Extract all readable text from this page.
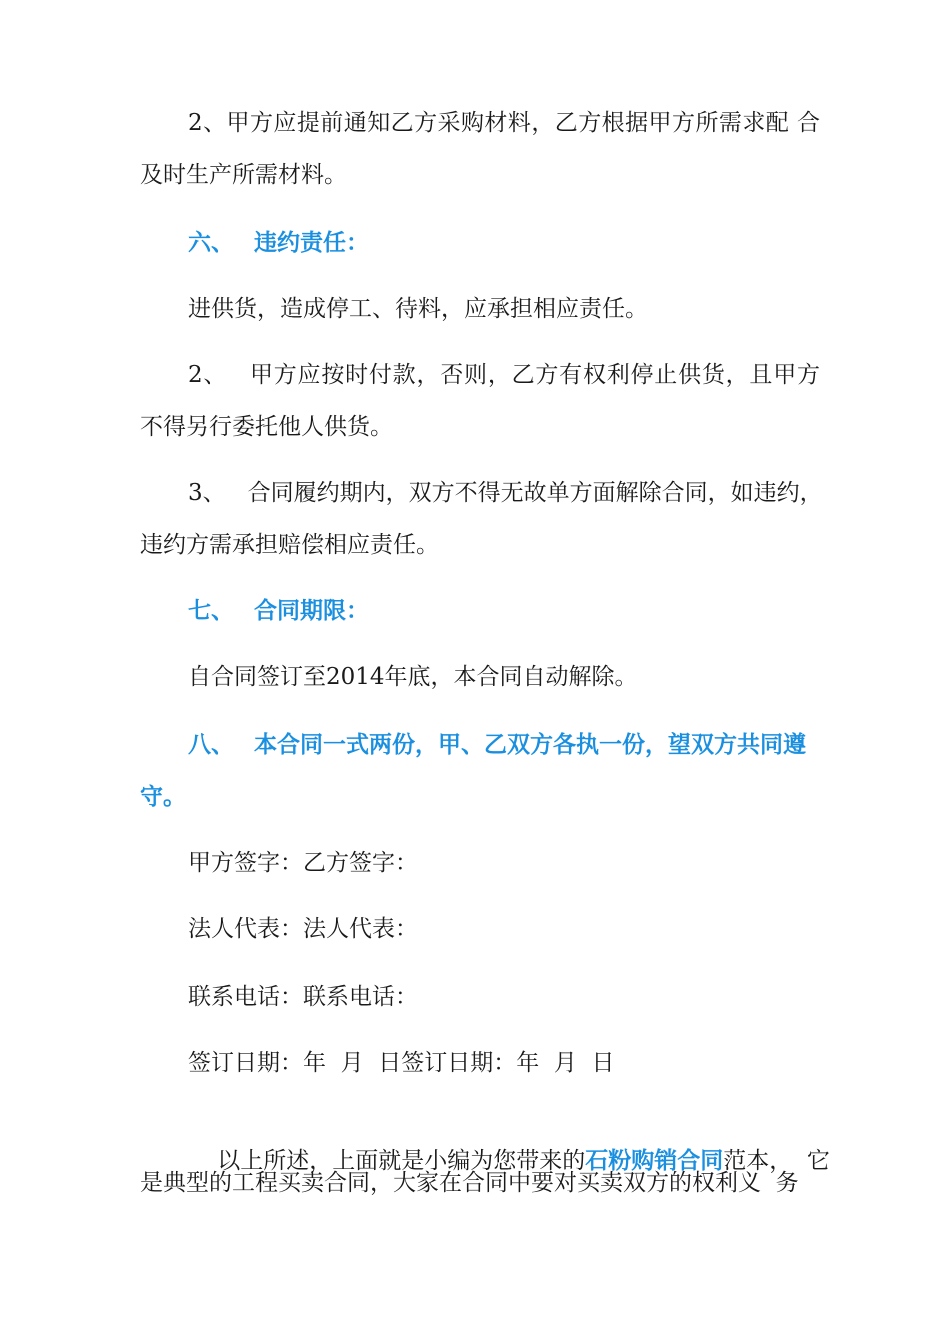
2、甲方应提前通知乙方采购材料，乙方根据甲方所需求配 合
及时生产所需材料。
六、 违约责任：
进供货，造成停工、待料，应承担相应责任。
2、 甲方应按时付款，否则，乙方有权利停止供货，且甲方
不得另行委托他人供货。
3、 合同履约期内，双方不得无故单方面解除合同，如违约，
违约方需承担赔偿相应责任。
七、 合同期限：
自合同签订至2014年底，本合同自动解除。
八、 本合同一式两份，甲、乙双方各执一份，望双方共同遵
守。
甲方签字：乙方签字：
法人代表：法人代表：
联系电话：联系电话：
签订日期：年  月  日签订日期：年  月  日

以上所述，上面就是小编为您带来的石粉购销合同范本，  它

是典型的工程买卖合同，大家在合同中要对买卖双方的权利义  务
